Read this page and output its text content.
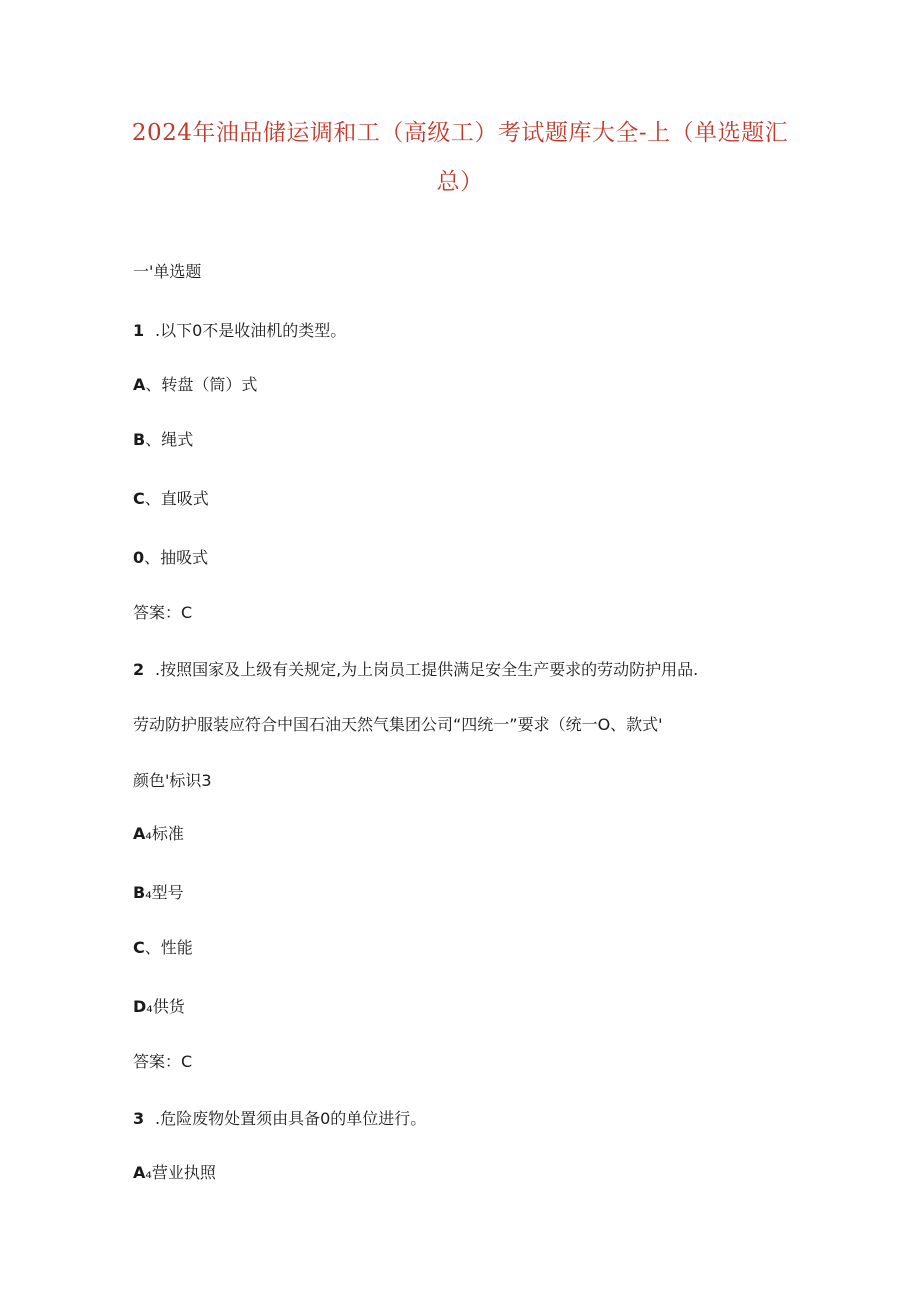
2024年油品储运调和工（高级工）考试题库大全-上（单选题汇
总）
一'单选题
1 .以下0不是收油机的类型。
A、转盘（筒）式
B、绳式
C、直吸式
0、抽吸式
答案：C
2 .按照国家及上级有关规定,为上岗员工提供满足安全生产要求的劳动防护用品.
劳动防护服装应符合中国石油天然气集团公司“四统一”要求（统一O、款式'
颜色'标识3
A₄标准
B₄型号
C、性能
D₄供货
答案：C
3 .危险废物处置须由具备0的单位进行。
A₄营业执照
